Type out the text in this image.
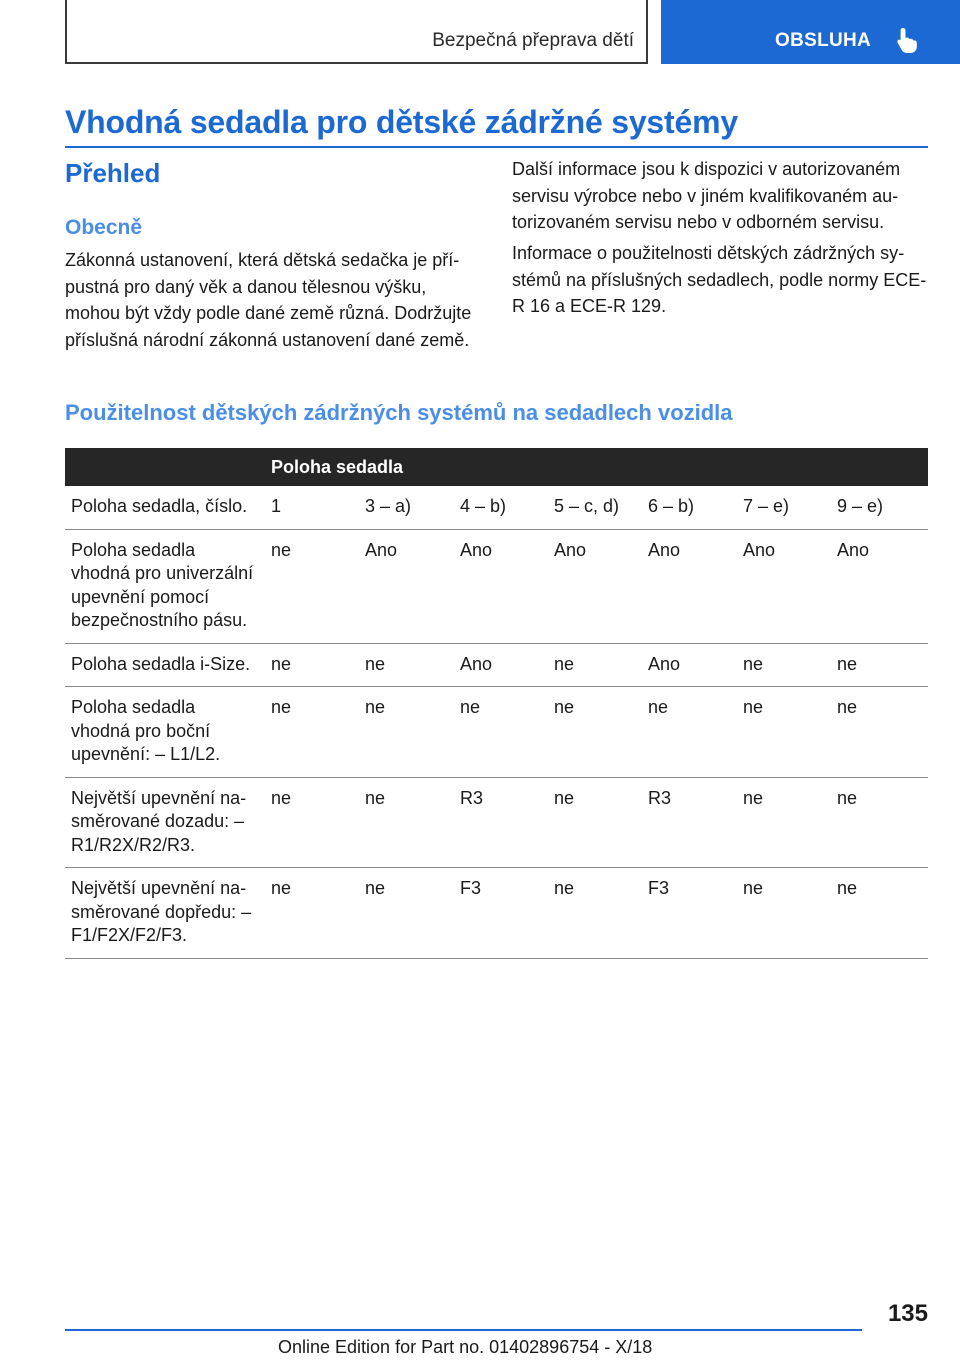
Bezpečná přeprava dětí	OBSLUHA
Vhodná sedadla pro dětské zádržné systémy
Přehled
Obecně

Zákonná ustanovení, která dětská sedačka je přípustná pro daný věk a danou tělesnou výšku, mohou být vždy podle dané země různá. Dodržujte příslušná národní zákonná ustanovení dané země.

Další informace jsou k dispozici v autorizovaném servisu výrobce nebo v jiném kvalifikovaném autorizovaném servisu nebo v odborném servisu.

Informace o použitelnosti dětských zádržných systémů na příslušných sedadlech, podle normy ECE-R 16 a ECE-R 129.

Použitelnost dětských zádržných systémů na sedadlech vozidla
	Poloha sedadla						
Poloha sedadla, číslo.	1	3 – a)	4 – b)	5 – c, d)	6 – b)	7 – e)	9 – e)
Poloha sedadla vhodná pro univerzální upevnění pomocí bezpečnostního pásu.	ne	Ano	Ano	Ano	Ano	Ano	Ano
Poloha sedadla i-Size.	ne	ne	Ano	ne	Ano	ne	ne
Poloha sedadla vhodná pro boční upevnění: – L1/L2.	ne	ne	ne	ne	ne	ne	ne
Největší upevnění nasměrované dozadu: – R1/R2X/R2/R3.	ne	ne	R3	ne	R3	ne	ne
Největší upevnění nasměrované dopředu: – F1/F2X/F2/F3.	ne	ne	F3	ne	F3	ne	ne
135
Online Edition for Part no. 01402896754 - X/18
